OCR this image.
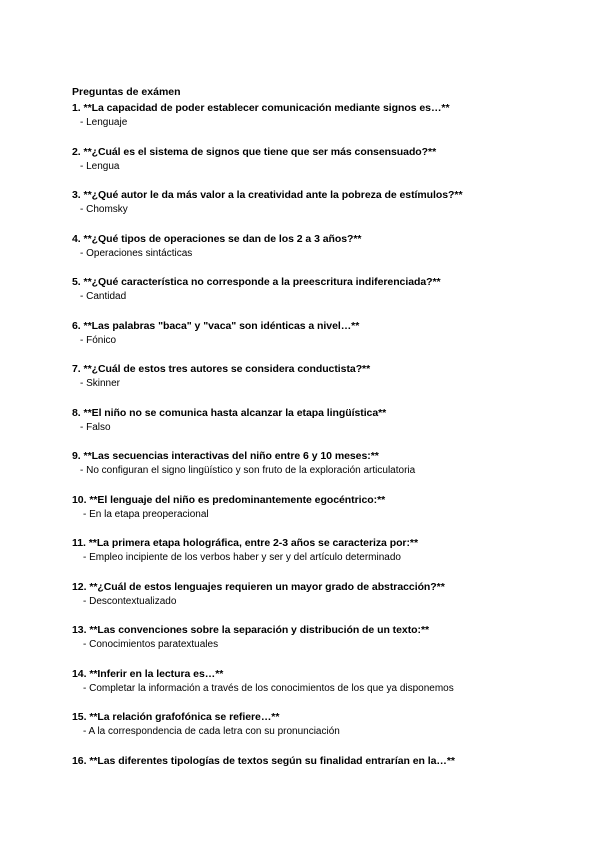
Preguntas de exámen
1. **La capacidad de poder establecer comunicación mediante signos es…**
- Lenguaje
2. **¿Cuál es el sistema de signos que tiene que ser más consensuado?**
- Lengua
3. **¿Qué autor le da más valor a la creatividad ante la pobreza de estímulos?**
- Chomsky
4. **¿Qué tipos de operaciones se dan de los 2 a 3 años?**
- Operaciones sintácticas
5. **¿Qué característica no corresponde a la preescritura indiferenciada?**
- Cantidad
6. **Las palabras "baca" y "vaca" son idénticas a nivel…**
- Fónico
7. **¿Cuál de estos tres autores se considera conductista?**
- Skinner
8. **El niño no se comunica hasta alcanzar la etapa lingüística**
- Falso
9. **Las secuencias interactivas del niño entre 6 y 10 meses:**
- No configuran el signo lingüístico y son fruto de la exploración articulatoria
10. **El lenguaje del niño es predominantemente egocéntrico:**
- En la etapa preoperacional
11. **La primera etapa holográfica, entre 2-3 años se caracteriza por:**
- Empleo incipiente de los verbos haber y ser y del artículo determinado
12. **¿Cuál de estos lenguajes requieren un mayor grado de abstracción?**
- Descontextualizado
13. **Las convenciones sobre la separación y distribución de un texto:**
- Conocimientos paratextuales
14. **Inferir en la lectura es…**
- Completar la información a través de los conocimientos de los que ya disponemos
15. **La relación grafofónica se refiere…**
- A la correspondencia de cada letra con su pronunciación
16. **Las diferentes tipologías de textos según su finalidad entrarían en la…**
